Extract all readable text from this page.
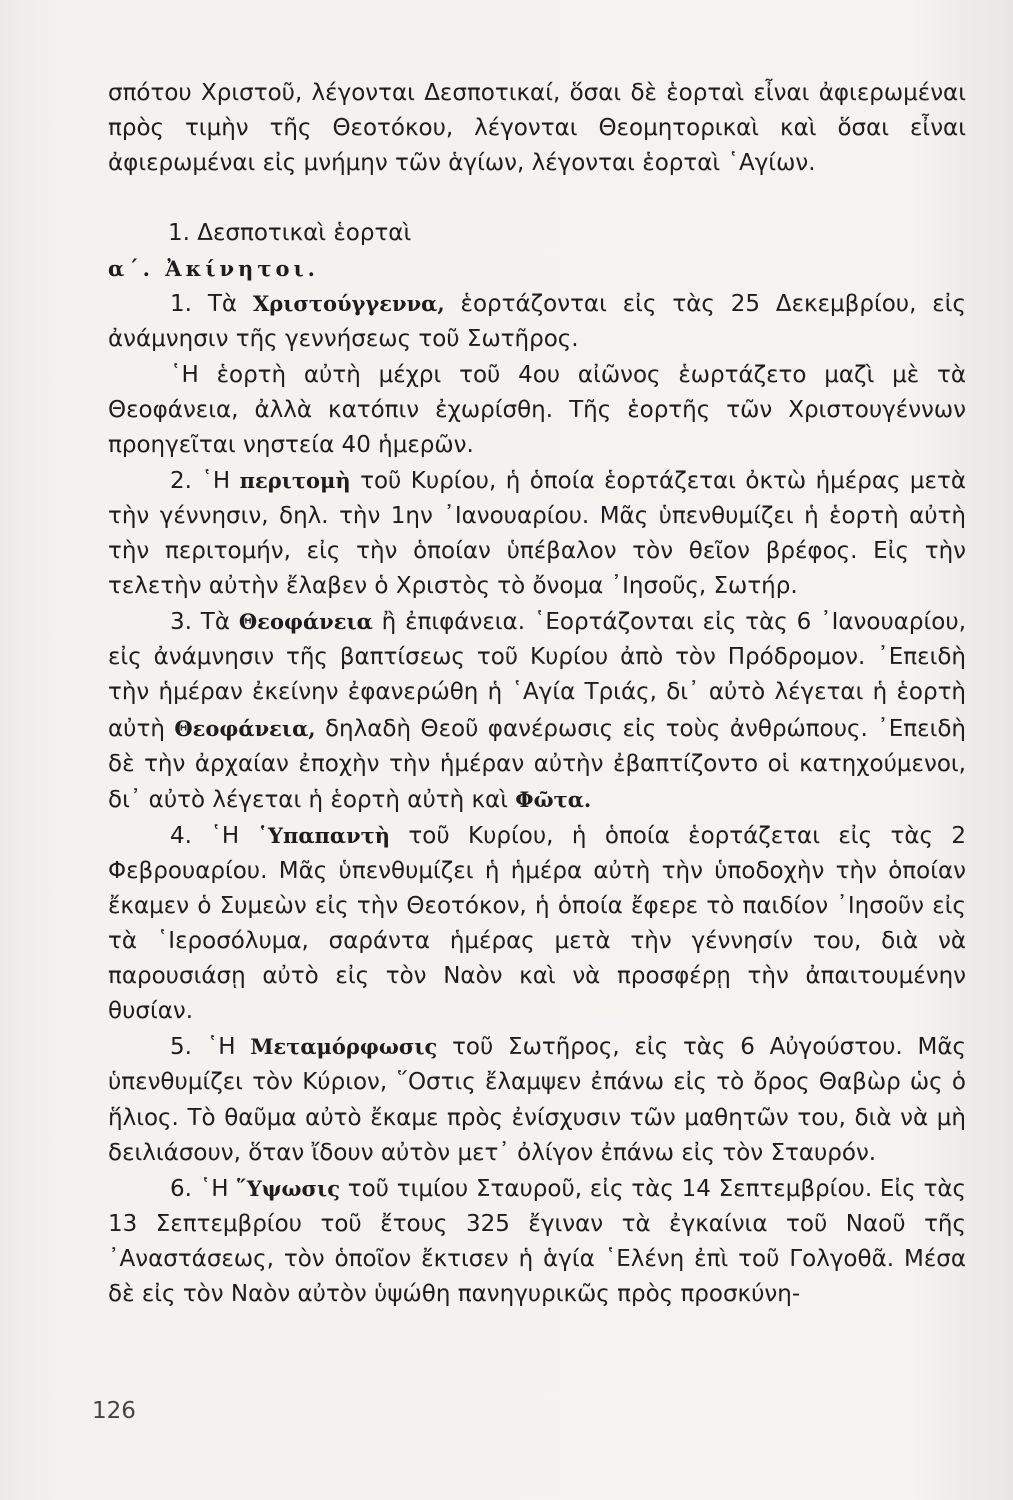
σπότου Χριστοῦ, λέγονται Δεσποτικαί, ὅσαι δὲ ἑορταὶ εἶναι ἀφιερωμέναι πρὸς τιμὴν τῆς Θεοτόκου, λέγονται Θεομητορικαὶ καὶ ὅσαι εἶναι ἀφιερωμέναι εἰς μνήμην τῶν ἁγίων, λέγονται ἑορταὶ ῾Αγίων.

1. Δεσποτικαὶ ἑορταὶ

α΄. Ἀκίνητοι.

1. Τὰ Χριστούγγεννα, ἑορτάζονται εἰς τὰς 25 Δεκεμβρίου, εἰς ἀνάμνησιν τῆς γεννήσεως τοῦ Σωτῆρος.

῾Η ἑορτὴ αὐτὴ μέχρι τοῦ 4ου αἰῶνος ἑωρτάζετο μαζὶ μὲ τὰ Θεοφάνεια, ἀλλὰ κατόπιν ἐχωρίσθη. Τῆς ἑορτῆς τῶν Χριστουγέννων προηγεῖται νηστεία 40 ἡμερῶν.

2. ῾Η περιτομὴ τοῦ Κυρίου, ἡ ὁποία ἑορτάζεται ὀκτὼ ἡμέρας μετὰ τὴν γέννησιν, δηλ. τὴν 1ην ᾿Ιανουαρίου. Μᾶς ὑπενθυμίζει ἡ ἑορτὴ αὐτὴ τὴν περιτομήν, εἰς τὴν ὁποίαν ὑπέβαλον τὸν θεῖον βρέφος. Εἰς τὴν τελετὴν αὐτὴν ἔλαβεν ὁ Χριστὸς τὸ ὄνομα ᾿Ιησοῦς, Σωτήρ.

3. Τὰ Θεοφάνεια ἢ ἐπιφάνεια. ῾Εορτάζονται εἰς τὰς 6 ᾿Ιανουαρίου, εἰς ἀνάμνησιν τῆς βαπτίσεως τοῦ Κυρίου ἀπὸ τὸν Πρόδρομον. ᾿Επειδὴ τὴν ἡμέραν ἐκείνην ἐφανερώθη ἡ ῾Αγία Τριάς, δι᾿ αὐτὸ λέγεται ἡ ἑορτὴ αὐτὴ Θεοφάνεια, δηλαδὴ Θεοῦ φανέρωσις εἰς τοὺς ἀνθρώπους. ᾿Επειδὴ δὲ τὴν ἀρχαίαν ἐποχὴν τὴν ἡμέραν αὐτὴν ἐβαπτίζοντο οἱ κατηχούμενοι, δι᾿ αὐτὸ λέγεται ἡ ἑορτὴ αὐτὴ καὶ Φῶτα.

4. ῾Η ῾Υπαπαντὴ τοῦ Κυρίου, ἡ ὁποία ἑορτάζεται εἰς τὰς 2 Φεβρουαρίου. Μᾶς ὑπενθυμίζει ἡ ἡμέρα αὐτὴ τὴν ὑποδοχὴν τὴν ὁποίαν ἔκαμεν ὁ Συμεὼν εἰς τὴν Θεοτόκον, ἡ ὁποία ἔφερε τὸ παιδίον ᾿Ιησοῦν εἰς τὰ ῾Ιεροσόλυμα, σαράντα ἡμέρας μετὰ τὴν γέννησίν του, διὰ νὰ παρουσιάσῃ αὐτὸ εἰς τὸν Ναὸν καὶ νὰ προσφέρῃ τὴν ἀπαιτουμένην θυσίαν.

5. ῾Η Μεταμόρφωσις τοῦ Σωτῆρος, εἰς τὰς 6 Αὐγούστου. Μᾶς ὑπενθυμίζει τὸν Κύριον, ῞Οστις ἔλαμψεν ἐπάνω εἰς τὸ ὄρος Θαβὼρ ὡς ὁ ἥλιος. Τὸ θαῦμα αὐτὸ ἔκαμε πρὸς ἐνίσχυσιν τῶν μαθητῶν του, διὰ νὰ μὴ δειλιάσουν, ὅταν ἴδουν αὐτὸν μετ᾿ ὀλίγον ἐπάνω εἰς τὸν Σταυρόν.

6. ῾Η ῞Υψωσις τοῦ τιμίου Σταυροῦ, εἰς τὰς 14 Σεπτεμβρίου. Εἰς τὰς 13 Σεπτεμβρίου τοῦ ἔτους 325 ἔγιναν τὰ ἐγκαίνια τοῦ Ναοῦ τῆς ᾿Αναστάσεως, τὸν ὁποῖον ἔκτισεν ἡ ἁγία ῾Ελένη ἐπὶ τοῦ Γολγοθᾶ. Μέσα δὲ εἰς τὸν Ναὸν αὐτὸν ὑψώθη πανηγυρικῶς πρὸς προσκύνη-

126
